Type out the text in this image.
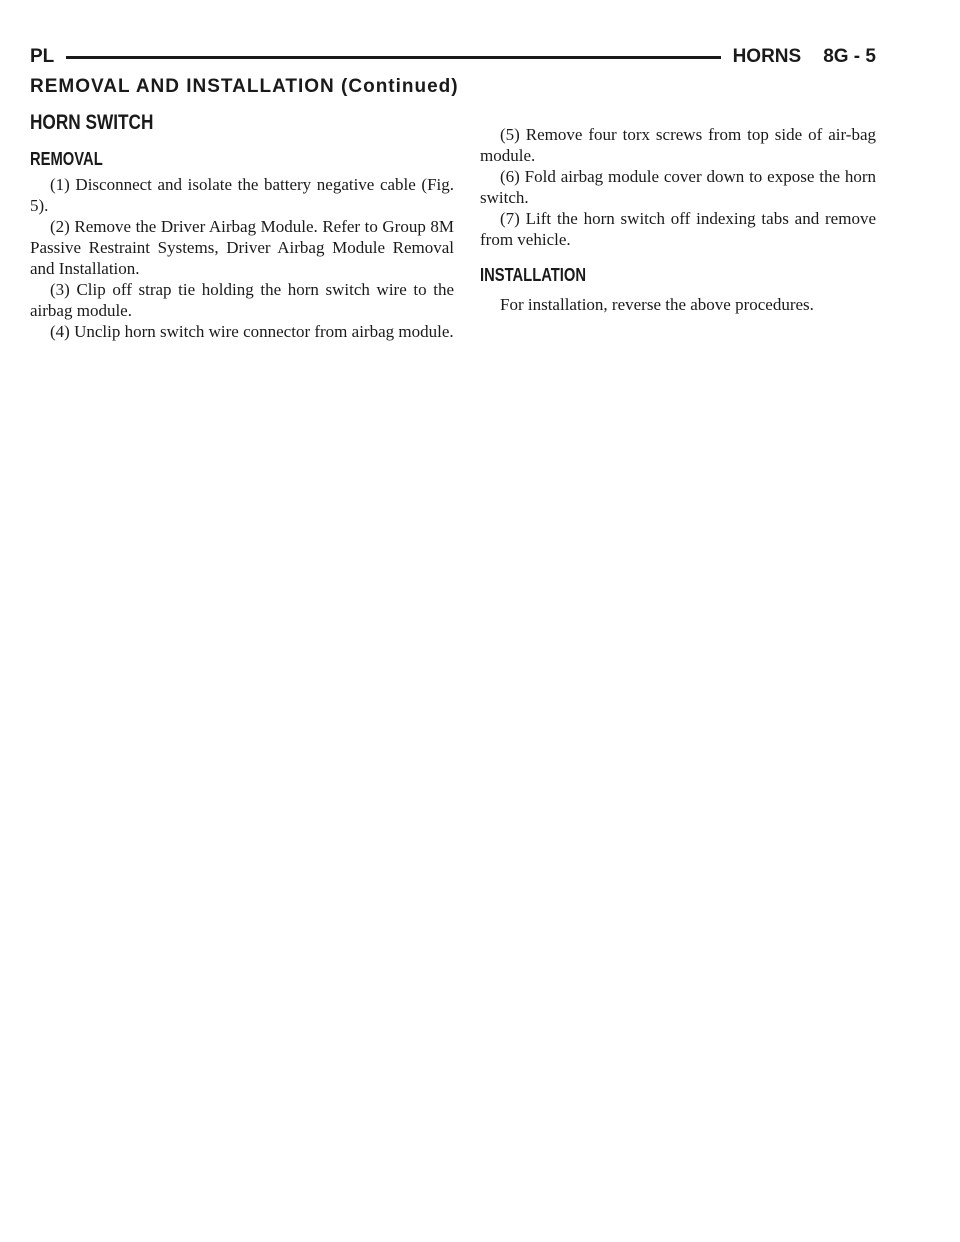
PL	HORNS 8G - 5
REMOVAL AND INSTALLATION (Continued)
HORN SWITCH
REMOVAL

(1) Disconnect and isolate the battery negative cable (Fig. 5).

(2) Remove the Driver Airbag Module. Refer to Group 8M Passive Restraint Systems, Driver Airbag Module Removal and Installation.

(3) Clip off strap tie holding the horn switch wire to the airbag module.

(4) Unclip horn switch wire connector from airbag module.

(5) Remove four torx screws from top side of air-bag module.

(6) Fold airbag module cover down to expose the horn switch.

(7) Lift the horn switch off indexing tabs and remove from vehicle.

INSTALLATION

For installation, reverse the above procedures.
